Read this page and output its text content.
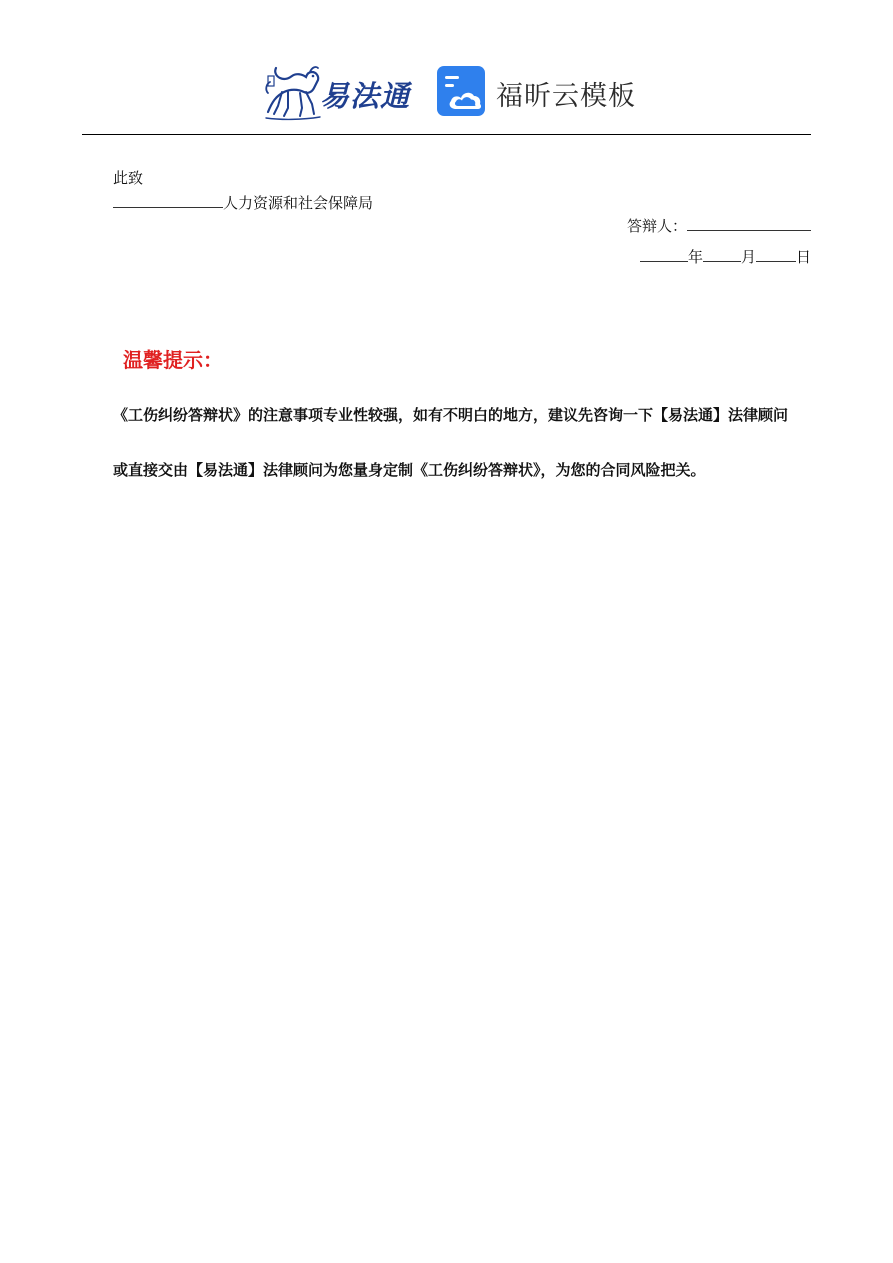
易法通	福昕云模板
此致
人力资源和社会保障局
答辩人：
年	月	日
温馨提示：
《工伤纠纷答辩状》的注意事项专业性较强，如有不明白的地方，建议先咨询一下【易法通】法律顾问
或直接交由【易法通】法律顾问为您量身定制《工伤纠纷答辩状》，为您的合同风险把关。
